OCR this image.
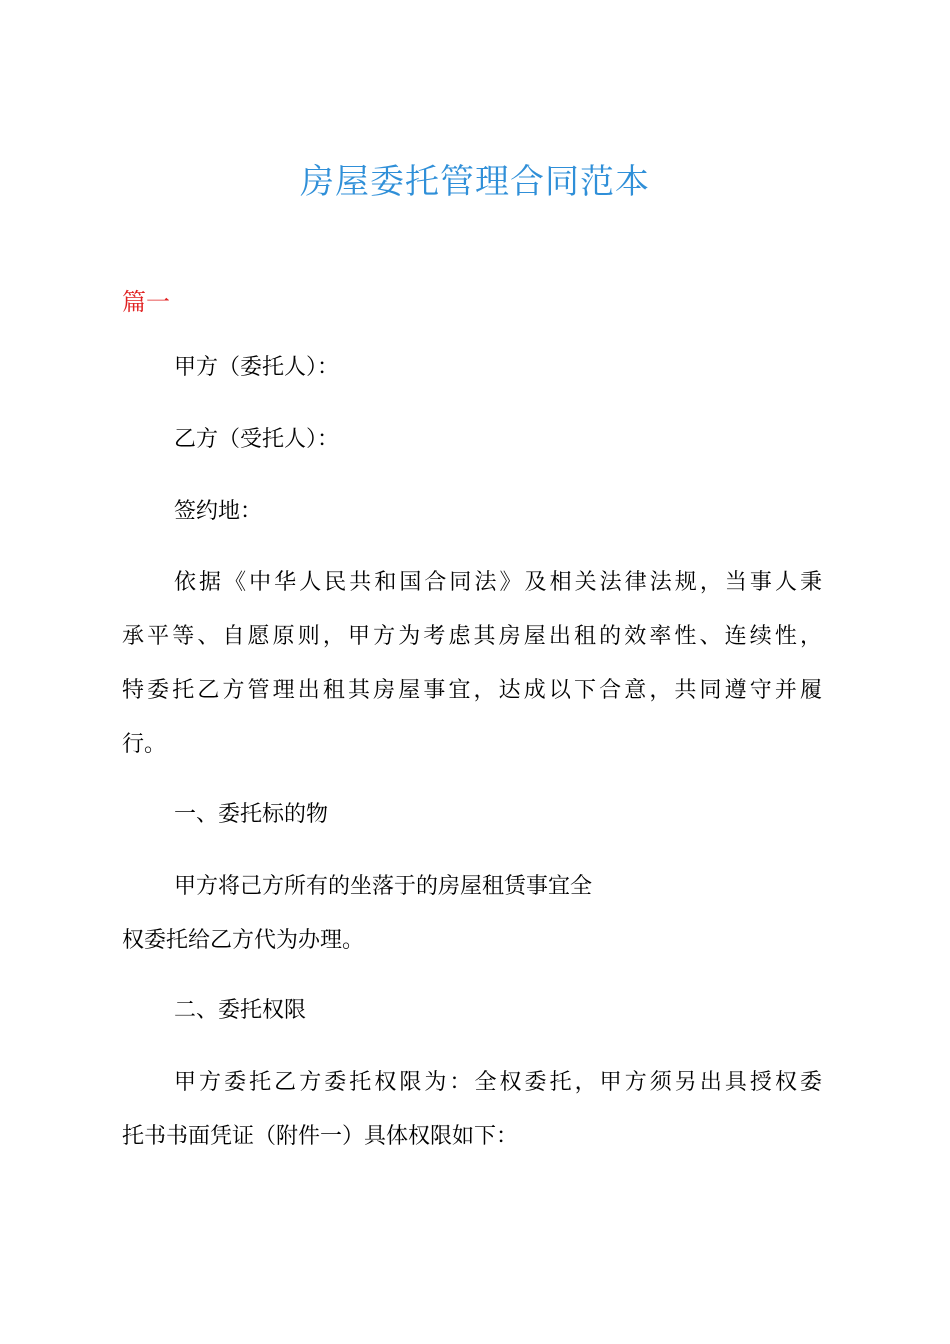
房屋委托管理合同范本
篇一
甲方（委托人）：
乙方（受托人）：
签约地：
依据《中华人民共和国合同法》及相关法律法规，当事人秉
承平等、自愿原则，甲方为考虑其房屋出租的效率性、连续性，
特委托乙方管理出租其房屋事宜，达成以下合意，共同遵守并履
行。
一、委托标的物
甲方将己方所有的坐落于的房屋租赁事宜全
权委托给乙方代为办理。
二、委托权限
甲方委托乙方委托权限为：全权委托，甲方须另出具授权委
托书书面凭证（附件一）具体权限如下：
